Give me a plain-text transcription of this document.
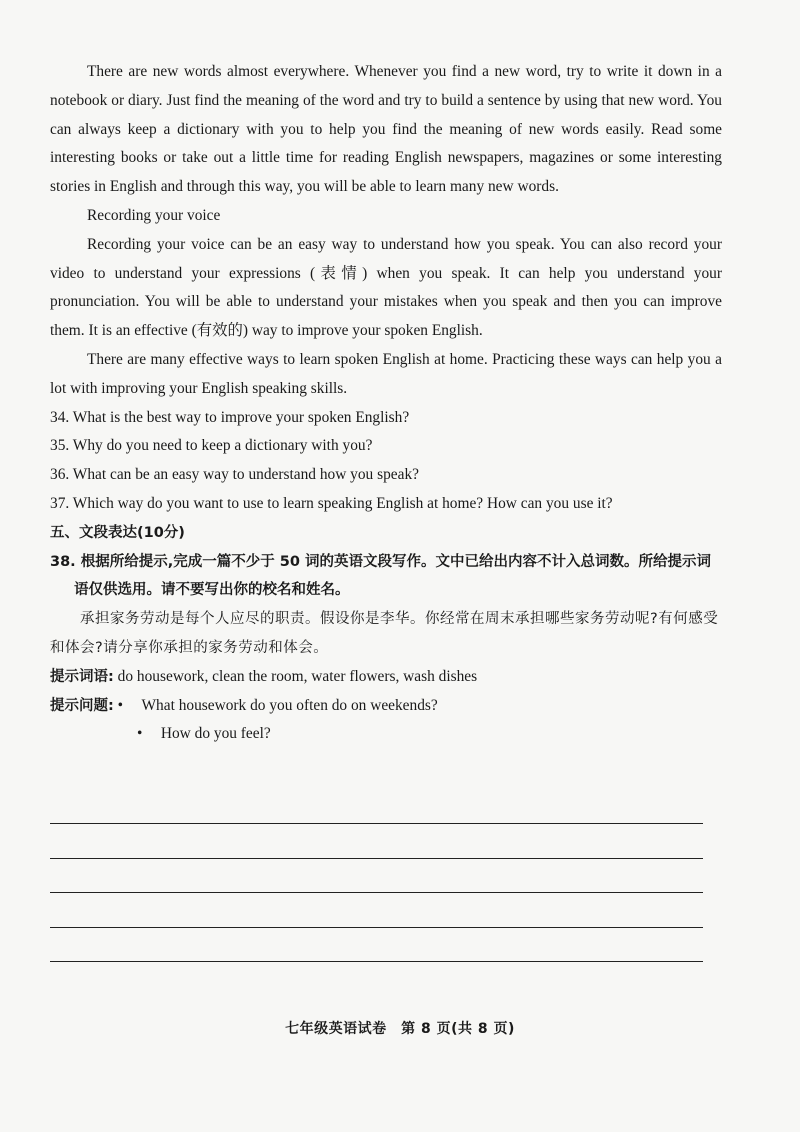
There are new words almost everywhere. Whenever you find a new word, try to write it down in a notebook or diary. Just find the meaning of the word and try to build a sentence by using that new word. You can always keep a dictionary with you to help you find the meaning of new words easily. Read some interesting books or take out a little time for reading English newspapers, magazines or some interesting stories in English and through this way, you will be able to learn many new words.

Recording your voice

Recording your voice can be an easy way to understand how you speak. You can also record your video to understand your expressions (表情) when you speak. It can help you understand your pronunciation. You will be able to understand your mistakes when you speak and then you can improve them. It is an effective (有效的) way to improve your spoken English.

There are many effective ways to learn spoken English at home. Practicing these ways can help you a lot with improving your English speaking skills.

34. What is the best way to improve your spoken English?

35. Why do you need to keep a dictionary with you?

36. What can be an easy way to understand how you speak?

37. Which way do you want to use to learn speaking English at home? How can you use it?

五、文段表达(10分)

38. 根据所给提示,完成一篇不少于 50 词的英语文段写作。文中已给出内容不计入总词数。所给提示词语仅供选用。请不要写出你的校名和姓名。

承担家务劳动是每个人应尽的职责。假设你是李华。你经常在周末承担哪些家务劳动呢?有何感受和体会?请分享你承担的家务劳动和体会。

提示词语: do housework, clean the room, water flowers, wash dishes

提示问题: • What housework do you often do on weekends?

• How do you feel?

七年级英语试卷　第 8 页(共 8 页)
